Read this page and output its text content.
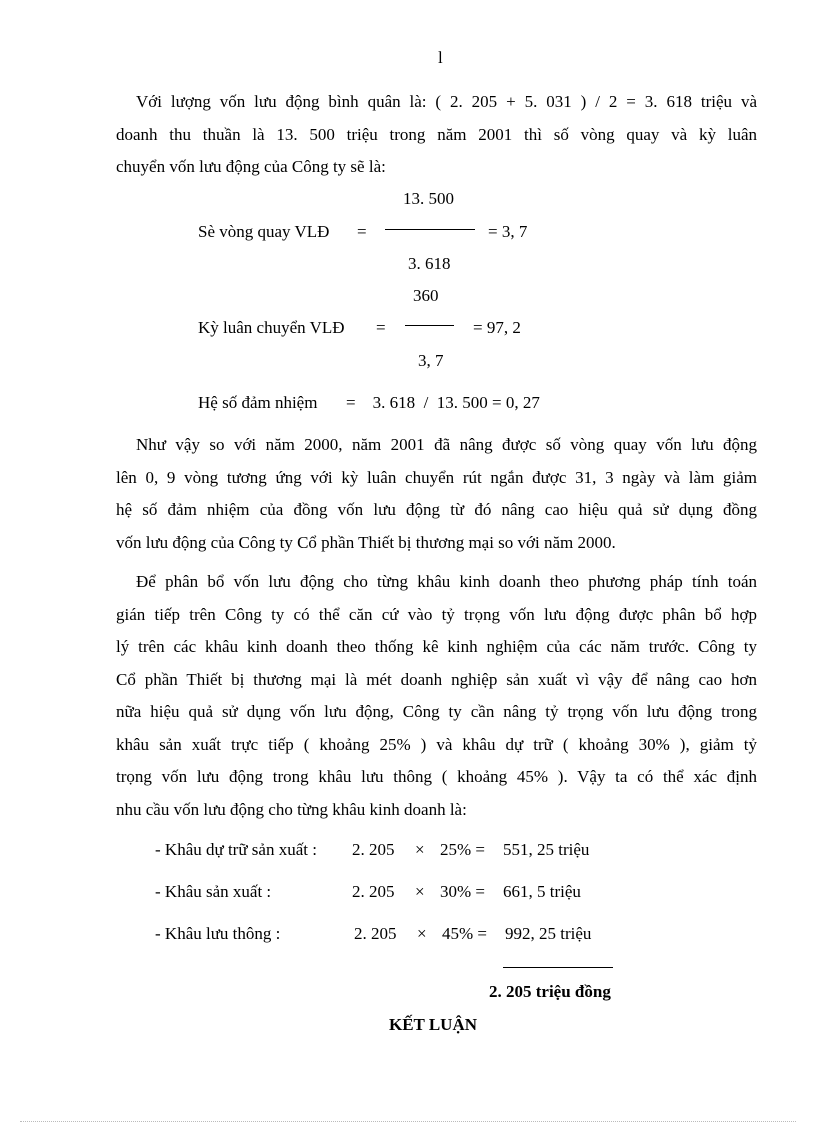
l
Với lượng vốn lưu động bình quân là: ( 2. 205 + 5. 031 ) / 2 = 3. 618 triệu và
doanh thu thuần là 13. 500 triệu trong năm 2001 thì số vòng quay và kỳ luân
chuyển vốn lưu động của Công ty sẽ là:
13. 500
Sè vòng quay VLĐ =	= 3, 7
3. 618
360
Kỳ luân chuyển VLĐ =	= 97, 2
3, 7
Hệ số đảm nhiệm =    3. 618  /  13. 500 = 0, 27
Như vậy so với năm 2000, năm 2001 đã nâng được số vòng quay vốn lưu động
lên 0, 9 vòng tương ứng với kỳ luân chuyển rút ngắn được 31, 3 ngày và làm giảm
hệ số đảm nhiệm của đồng vốn lưu động từ đó nâng cao hiệu quả sử dụng đồng
vốn lưu động của Công ty Cổ phần Thiết bị thương mại so với năm 2000.
Để phân bổ vốn lưu động cho từng khâu kinh doanh theo phương pháp tính toán
gián tiếp trên Công ty có thể căn cứ vào tỷ trọng vốn lưu động được phân bổ hợp
lý trên các khâu kinh doanh theo thống kê kinh nghiệm của các năm trước. Công ty
Cổ phần Thiết bị thương mại là mét doanh nghiệp sản xuất vì vậy để nâng cao hơn
nữa hiệu quả sử dụng vốn lưu động, Công ty cần nâng tỷ trọng vốn lưu động trong
khâu sản xuất trực tiếp ( khoảng 25% ) và khâu dự trữ ( khoảng 30% ), giảm tỷ
trọng vốn lưu động trong khâu lưu thông ( khoảng 45% ). Vậy ta có thể xác định
nhu cầu vốn lưu động cho từng khâu kinh doanh là:
- Khâu dự trữ sản xuất : 2. 205 × 25% = 551, 25 triệu
- Khâu sản xuất :	2. 205 × 30% = 661, 5 triệu
- Khâu lưu thông :	2. 205 × 45% = 992, 25 triệu
2. 205 triệu đồng
KẾT LUẬN
